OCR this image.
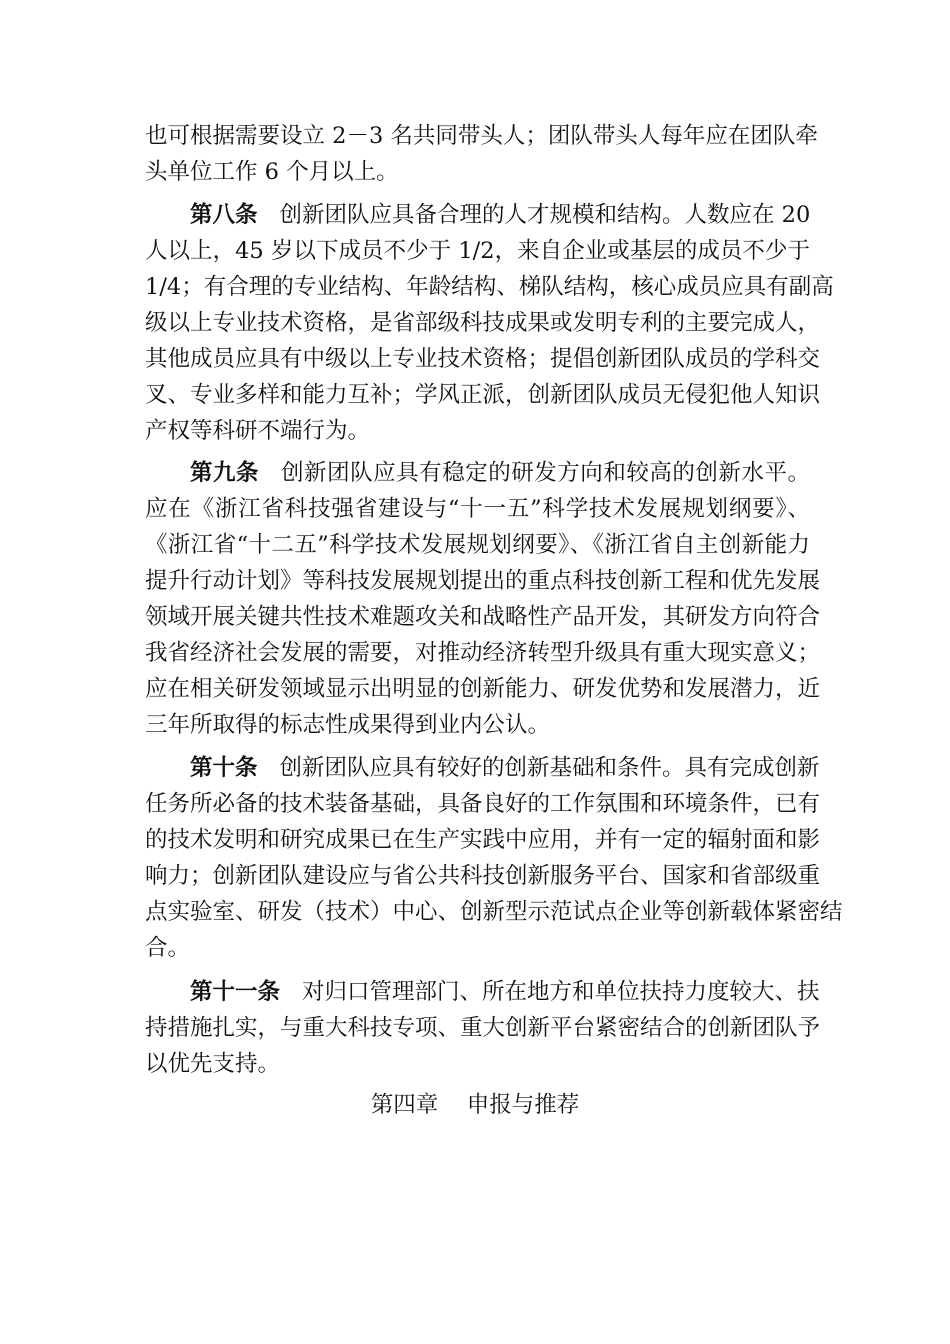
也可根据需要设立 2－3 名共同带头人；团队带头人每年应在团队牵
头单位工作 6 个月以上。
第八条 创新团队应具备合理的人才规模和结构。人数应在 20
人以上，45 岁以下成员不少于 1/2，来自企业或基层的成员不少于
1/4；有合理的专业结构、年龄结构、梯队结构，核心成员应具有副高
级以上专业技术资格，是省部级科技成果或发明专利的主要完成人，
其他成员应具有中级以上专业技术资格；提倡创新团队成员的学科交
叉、专业多样和能力互补；学风正派，创新团队成员无侵犯他人知识
产权等科研不端行为。
第九条 创新团队应具有稳定的研发方向和较高的创新水平。
应在《浙江省科技强省建设与“十一五”科学技术发展规划纲要》、
《浙江省“十二五”科学技术发展规划纲要》、《浙江省自主创新能力
提升行动计划》等科技发展规划提出的重点科技创新工程和优先发展
领域开展关键共性技术难题攻关和战略性产品开发，其研发方向符合
我省经济社会发展的需要，对推动经济转型升级具有重大现实意义；
应在相关研发领域显示出明显的创新能力、研发优势和发展潜力，近
三年所取得的标志性成果得到业内公认。
第十条 创新团队应具有较好的创新基础和条件。具有完成创新
任务所必备的技术装备基础，具备良好的工作氛围和环境条件，已有
的技术发明和研究成果已在生产实践中应用，并有一定的辐射面和影
响力；创新团队建设应与省公共科技创新服务平台、国家和省部级重
点实验室、研发（技术）中心、创新型示范试点企业等创新载体紧密结
合。
第十一条 对归口管理部门、所在地方和单位扶持力度较大、扶
持措施扎实，与重大科技专项、重大创新平台紧密结合的创新团队予
以优先支持。
第四章    申报与推荐
